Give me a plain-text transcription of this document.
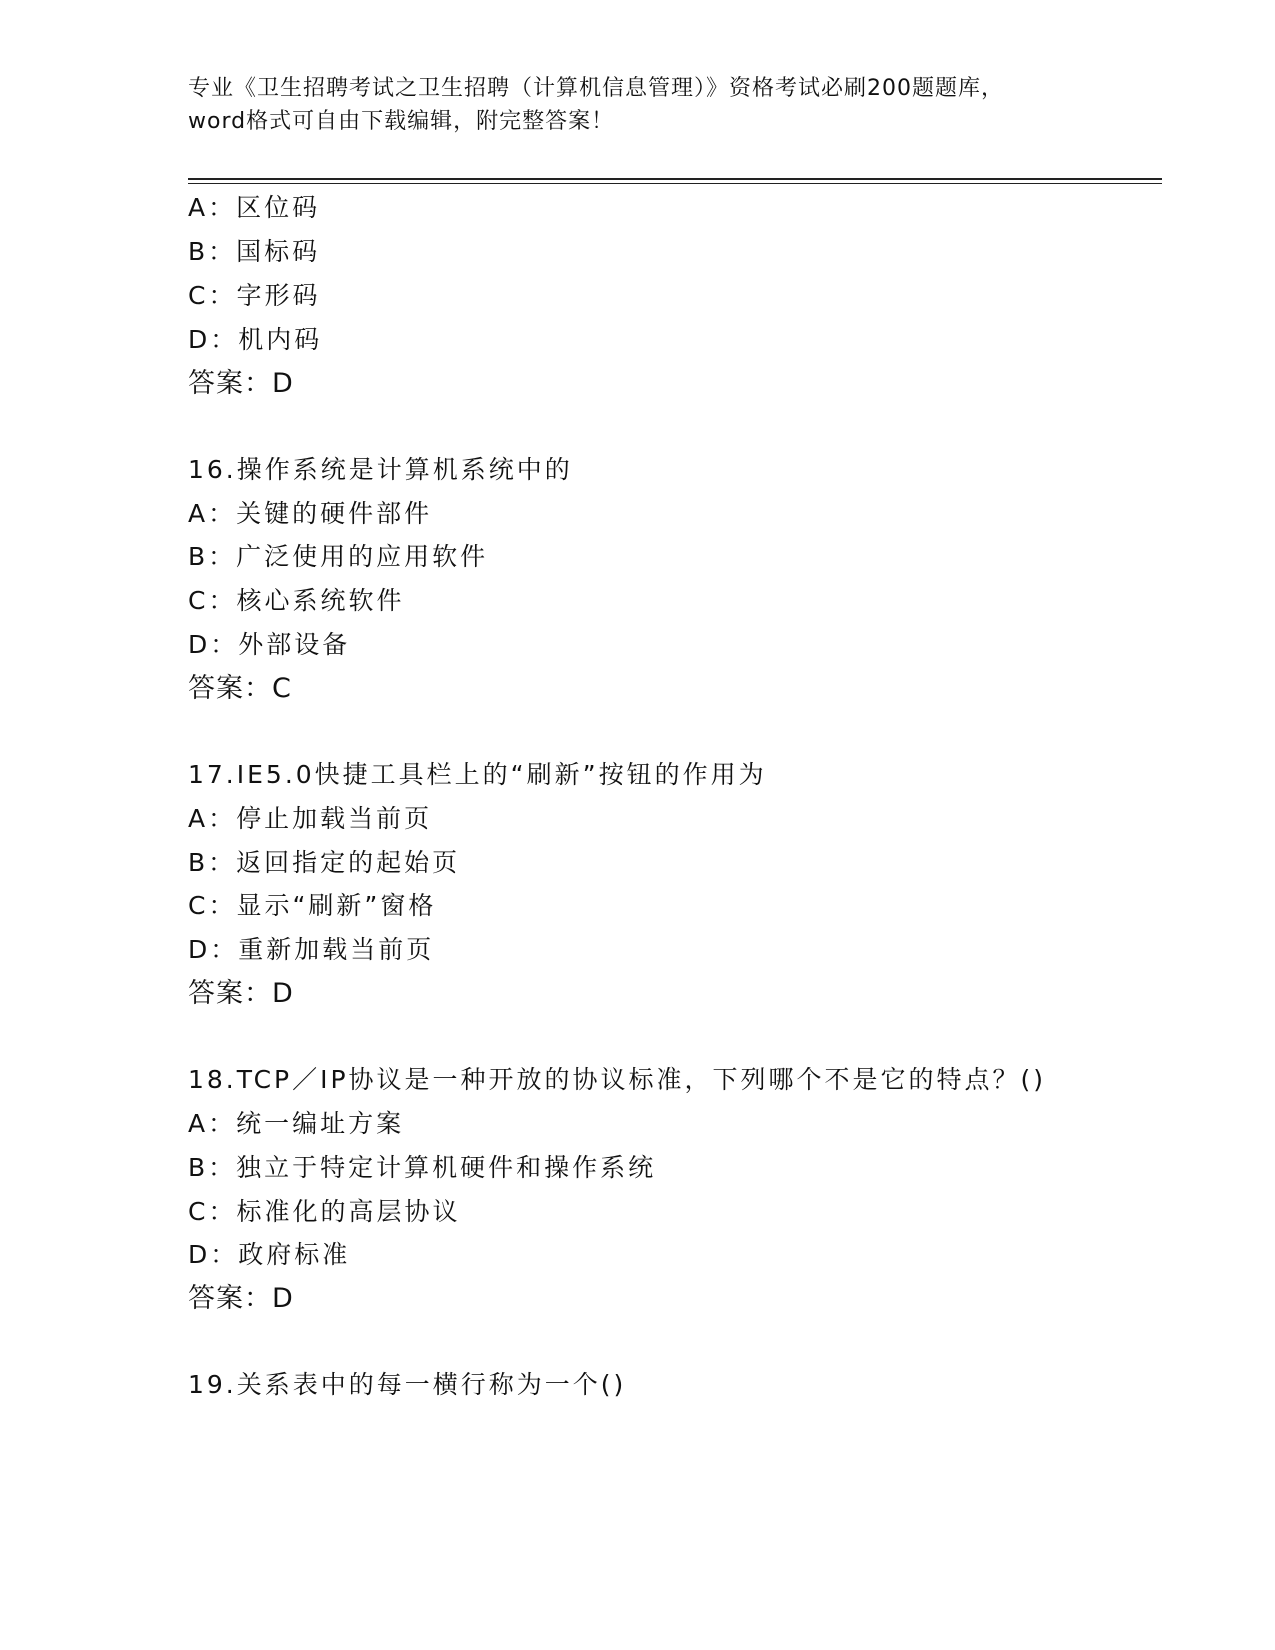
专业《卫生招聘考试之卫生招聘（计算机信息管理）》资格考试必刷200题题库，
word格式可自由下载编辑，附完整答案！
A：区位码
B：国标码
C：字形码
D：机内码
答案：D
16.操作系统是计算机系统中的
A：关键的硬件部件
B：广泛使用的应用软件
C：核心系统软件
D：外部设备
答案：C
17.IE5.0快捷工具栏上的“刷新”按钮的作用为
A：停止加载当前页
B：返回指定的起始页
C：显示“刷新”窗格
D：重新加载当前页
答案：D
18.TCP／IP协议是一种开放的协议标准，下列哪个不是它的特点？()
A：统一编址方案
B：独立于特定计算机硬件和操作系统
C：标准化的高层协议
D：政府标准
答案：D
19.关系表中的每一横行称为一个()
